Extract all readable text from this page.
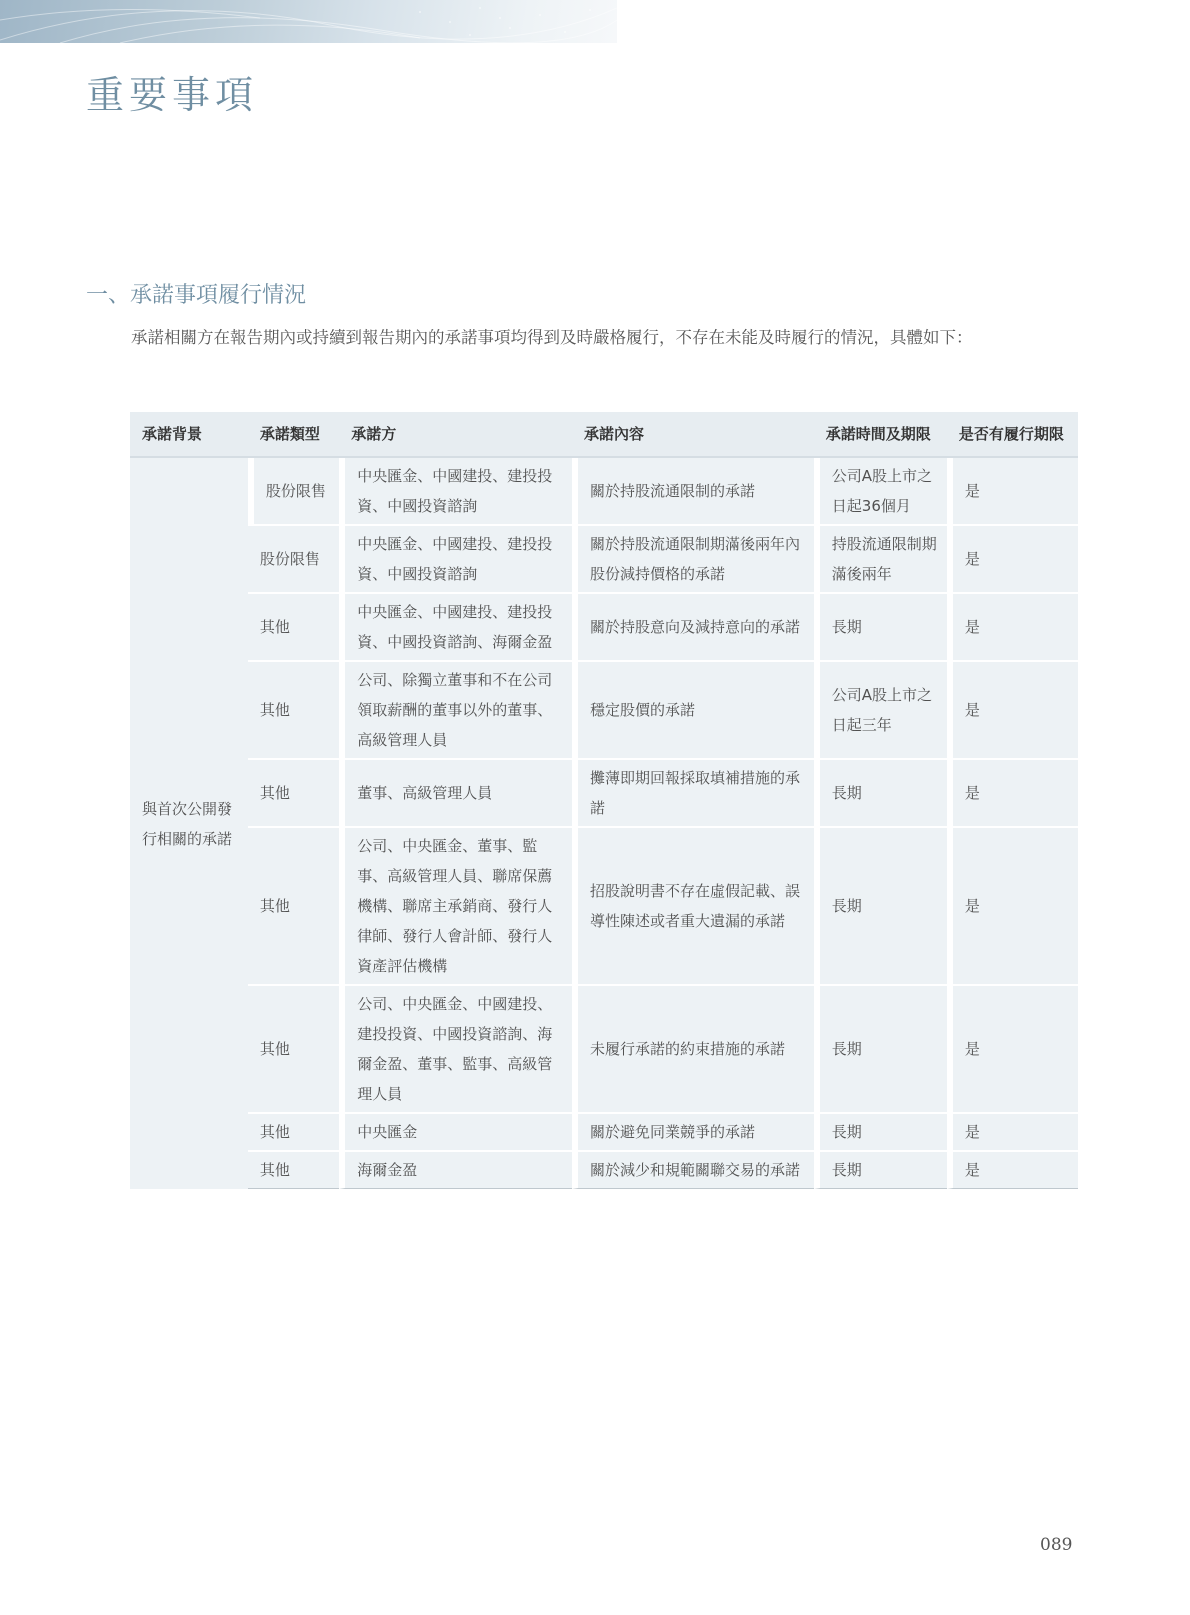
重要事項
一、承諾事項履行情況

承諾相關方在報告期內或持續到報告期內的承諾事項均得到及時嚴格履行，不存在未能及時履行的情況，具體如下：

承諾背景	承諾類型	承諾方	承諾內容	承諾時間及期限	是否有履行期限
與首次公開發行相關的承諾	股份限售	中央匯金、中國建投、建投投資、中國投資諮詢	關於持股流通限制的承諾	公司A股上市之日起36個月	是
	股份限售	中央匯金、中國建投、建投投資、中國投資諮詢	關於持股流通限制期滿後兩年內股份減持價格的承諾	持股流通限制期滿後兩年	是
	其他	中央匯金、中國建投、建投投資、中國投資諮詢、海爾金盈	關於持股意向及減持意向的承諾	長期	是
	其他	公司、除獨立董事和不在公司領取薪酬的董事以外的董事、高級管理人員	穩定股價的承諾	公司A股上市之日起三年	是
	其他	董事、高級管理人員	攤薄即期回報採取填補措施的承諾	長期	是
	其他	公司、中央匯金、董事、監事、高級管理人員、聯席保薦機構、聯席主承銷商、發行人律師、發行人會計師、發行人資產評估機構	招股說明書不存在虛假記載、誤導性陳述或者重大遺漏的承諾	長期	是
	其他	公司、中央匯金、中國建投、建投投資、中國投資諮詢、海爾金盈、董事、監事、高級管理人員	未履行承諾的約束措施的承諾	長期	是
	其他	中央匯金	關於避免同業競爭的承諾	長期	是
	其他	海爾金盈	關於減少和規範關聯交易的承諾	長期	是
089
